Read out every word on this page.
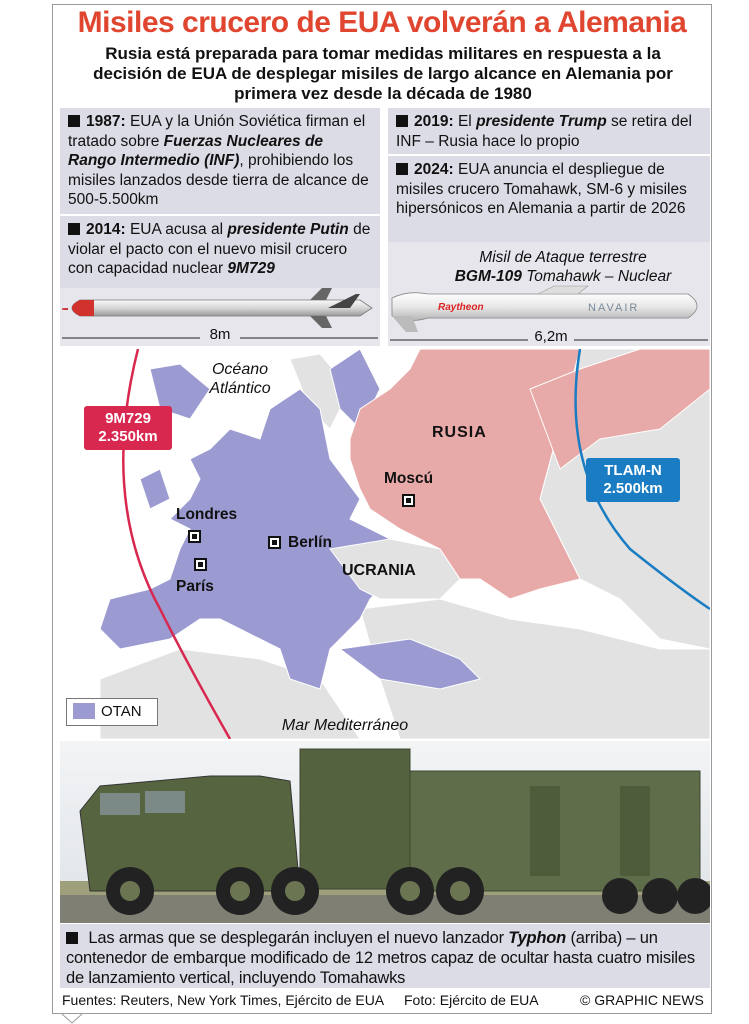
Misiles crucero de EUA volverán a Alemania
Rusia está preparada para tomar medidas militares en respuesta a la decisión de EUA de desplegar misiles de largo alcance en Alemania por primera vez desde la década de 1980
1987: EUA y la Unión Soviética firman el tratado sobre Fuerzas Nucleares de Rango Intermedio (INF), prohibiendo los misiles lanzados desde tierra de alcance de 500-5.500km
2014: EUA acusa al presidente Putin de violar el pacto con el nuevo misil crucero con capacidad nuclear 9M729
2019: El presidente Trump se retira del INF – Rusia hace lo propio
2024: EUA anuncia el despliegue de misiles crucero Tomahawk, SM-6 y misiles hipersónicos en Alemania a partir de 2026
8m
Misil de Ataque terrestre
BGM-109 Tomahawk – Nuclear
Raytheon	NAVAIR
6,2m
Océano Atlántico
Mar Mediterráneo
RUSIA
UCRANIA
Moscú
Londres
Berlín
París
9M729
2.350km
TLAM-N
2.500km
OTAN
Las armas que se desplegarán incluyen el nuevo lanzador Typhon (arriba) – un contenedor de embarque modificado de 12 metros capaz de ocultar hasta cuatro misiles de lanzamiento vertical, incluyendo Tomahawks
Fuentes: Reuters, New York Times, Ejército de EUA Foto: Ejército de EUA	© GRAPHIC NEWS
